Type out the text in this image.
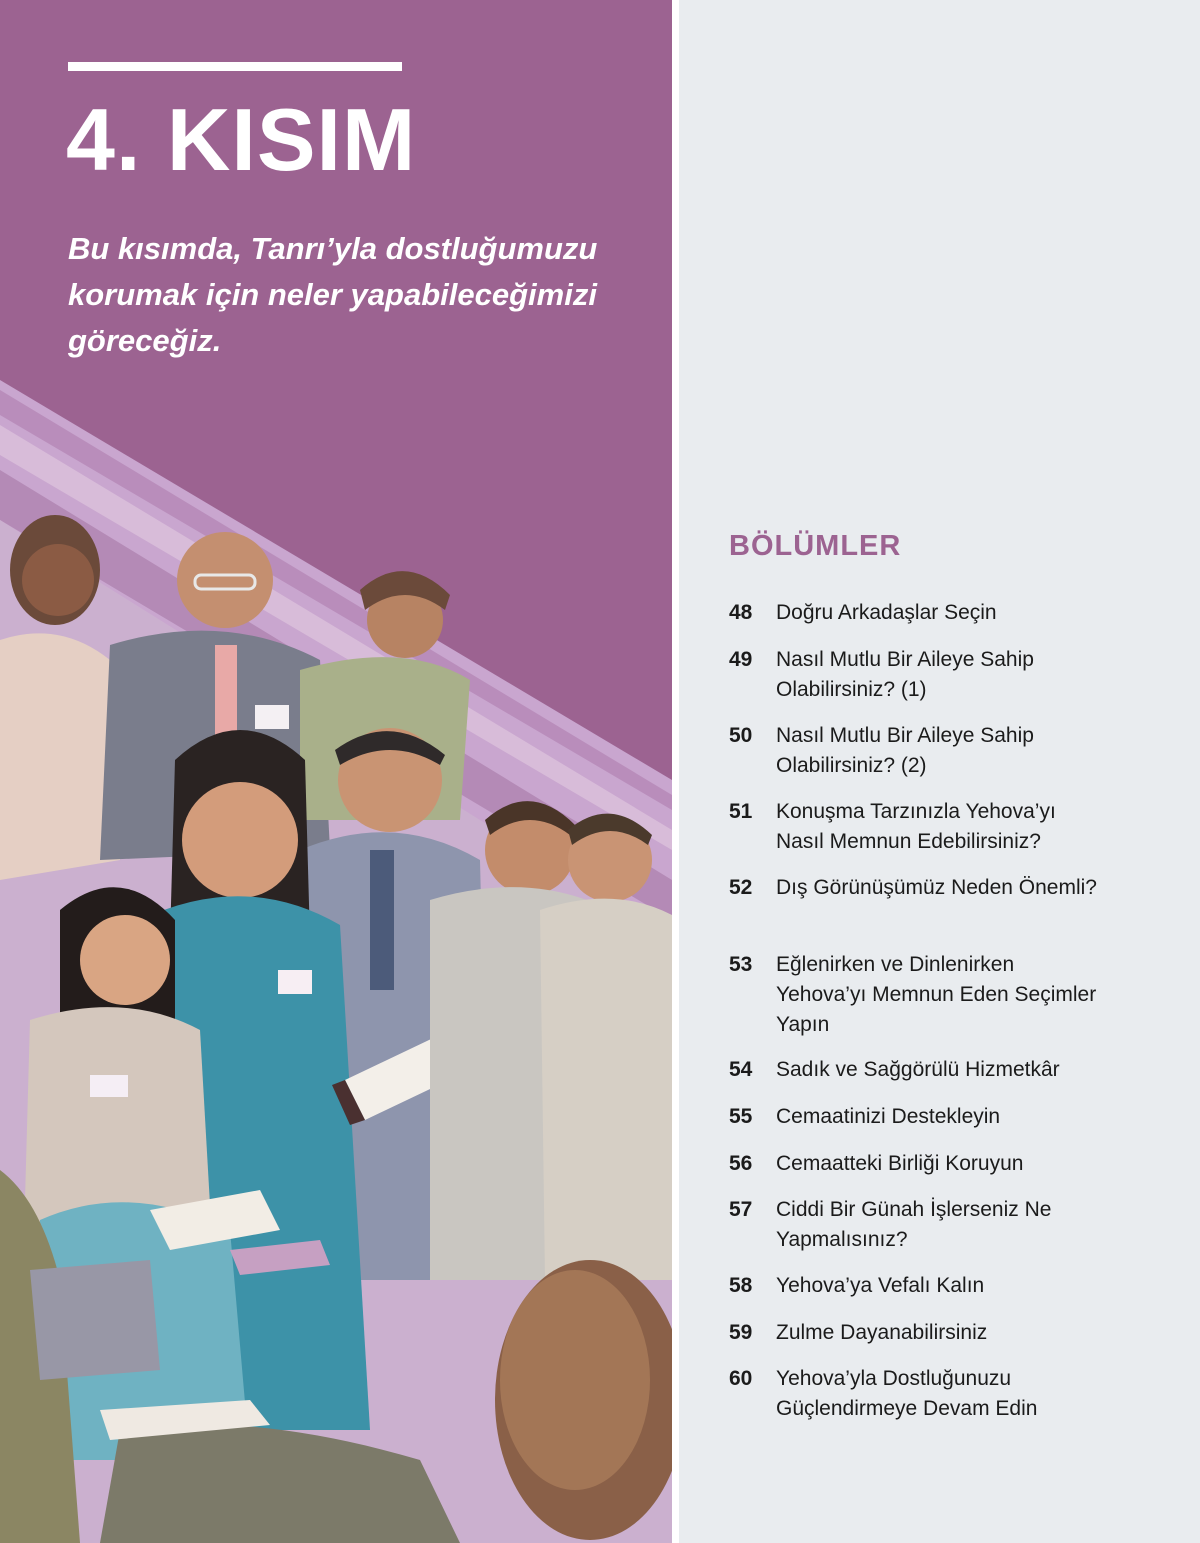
4. KISIM

Bu kısımda, Tanrı’yla dostluğumuzu korumak için neler yapabileceğimizi göreceğiz.

BÖLÜMLER
48	Doğru Arkadaşlar Seçin
49	Nasıl Mutlu Bir Aileye Sahip Olabilirsiniz? (1)
50	Nasıl Mutlu Bir Aileye Sahip Olabilirsiniz? (2)
51	Konuşma Tarzınızla Yehova’yı Nasıl Memnun Edebilirsiniz?
52	Dış Görünüşümüz Neden Önemli?
53	Eğlenirken ve Dinlenirken Yehova’yı Memnun Eden Seçimler Yapın
54	Sadık ve Sağgörülü Hizmetkâr
55	Cemaatinizi Destekleyin
56	Cemaatteki Birliği Koruyun
57	Ciddi Bir Günah İşlerseniz Ne Yapmalısınız?
58	Yehova’ya Vefalı Kalın
59	Zulme Dayanabilirsiniz
60	Yehova’yla Dostluğunuzu Güçlendirmeye Devam Edin
